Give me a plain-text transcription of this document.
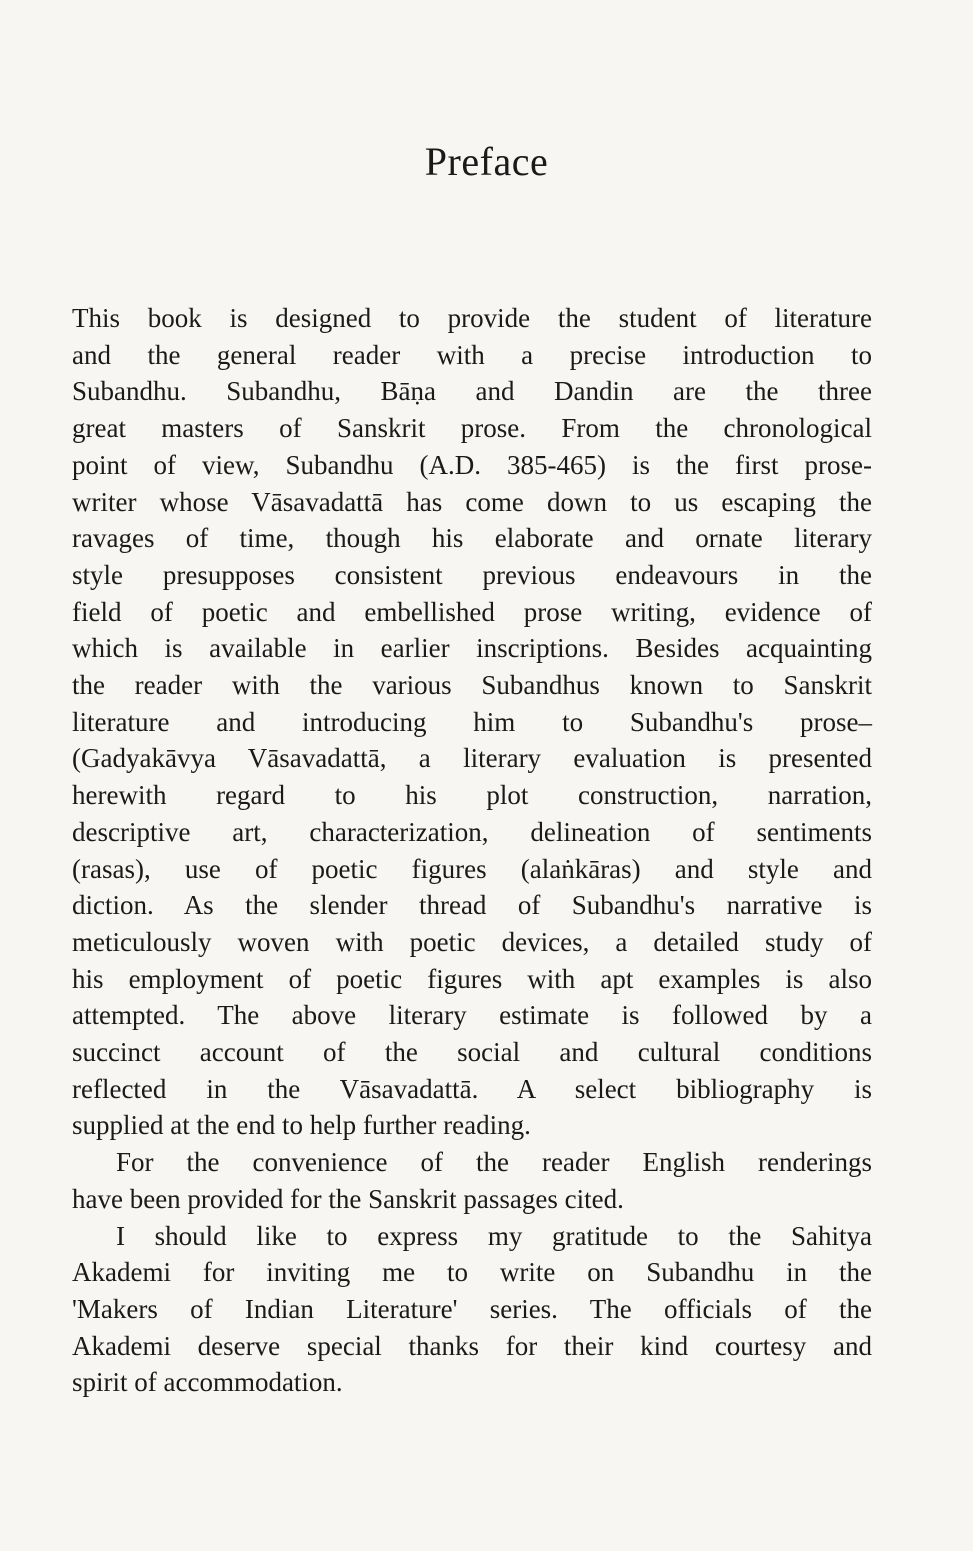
Preface

This book is designed to provide the student of literature
and the general reader with a precise introduction to
Subandhu. Subandhu, Bāṇa and Dandin are the three
great masters of Sanskrit prose. From the chronological
point of view, Subandhu (A.D. 385-465) is the first prose-
writer whose Vāsavadattā has come down to us escaping the
ravages of time, though his elaborate and ornate literary
style presupposes consistent previous endeavours in the
field of poetic and embellished prose writing, evidence of
which is available in earlier inscriptions. Besides acquainting
the reader with the various Subandhus known to Sanskrit
literature and introducing him to Subandhu's prose–
(Gadyakāvya Vāsavadattā, a literary evaluation is presented
herewith regard to his plot construction, narration,
descriptive art, characterization, delineation of sentiments
(rasas), use of poetic figures (alaṅkāras) and style and
diction. As the slender thread of Subandhu's narrative is
meticulously woven with poetic devices, a detailed study of
his employment of poetic figures with apt examples is also
attempted. The above literary estimate is followed by a
succinct account of the social and cultural conditions
reflected in the Vāsavadattā. A select bibliography is
supplied at the end to help further reading.

For the convenience of the reader English renderings
have been provided for the Sanskrit passages cited.

I should like to express my gratitude to the Sahitya
Akademi for inviting me to write on Subandhu in the
'Makers of Indian Literature' series. The officials of the
Akademi deserve special thanks for their kind courtesy and
spirit of accommodation.
